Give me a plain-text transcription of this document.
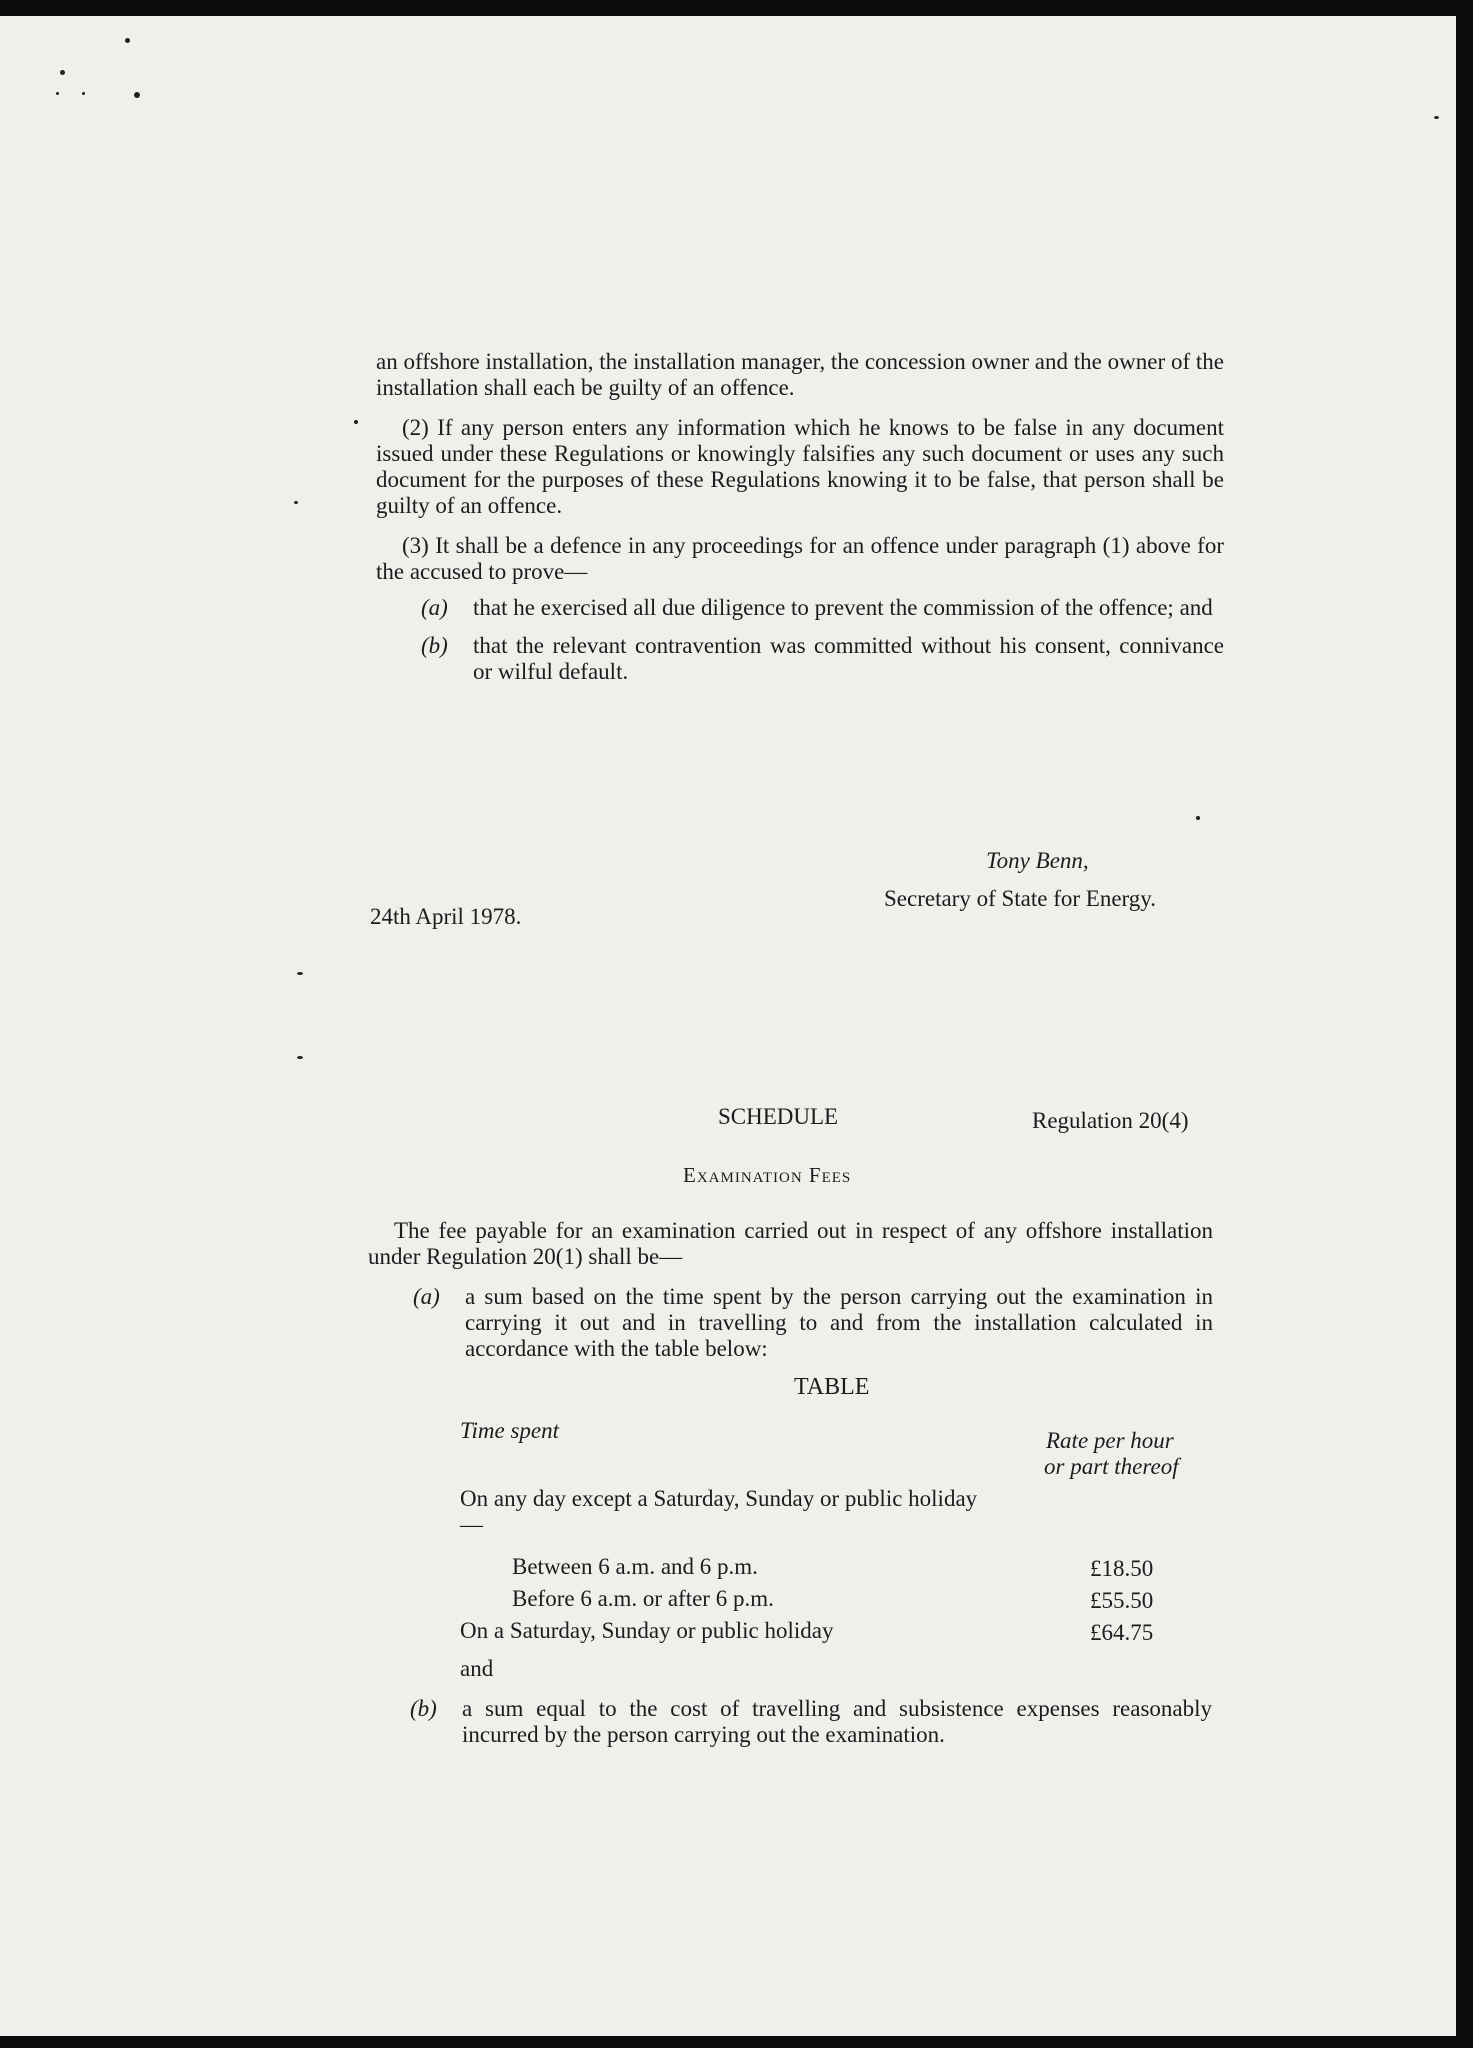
an offshore installation, the installation manager, the concession owner and the owner of the installation shall each be guilty of an offence.

(2) If any person enters any information which he knows to be false in any document issued under these Regulations or knowingly falsifies any such document or uses any such document for the purposes of these Regulations knowing it to be false, that person shall be guilty of an offence.

(3) It shall be a defence in any proceedings for an offence under paragraph (1) above for the accused to prove—

(a) that he exercised all due diligence to prevent the commission of the offence; and
(b) that the relevant contravention was committed without his consent, connivance or wilful default.
Tony Benn,
Secretary of State for Energy.
24th April 1978.
SCHEDULE	Regulation 20(4)
Examination Fees

The fee payable for an examination carried out in respect of any offshore installation under Regulation 20(1) shall be—

(a) a sum based on the time spent by the person carrying out the examination in carrying it out and in travelling to and from the installation calculated in accordance with the table below:
TABLE
Time spent	Rate per hour
or part thereof
On any day except a Saturday, Sunday or public holiday—
Between 6 a.m. and 6 p.m.	£18.50
Before 6 a.m. or after 6 p.m.	£55.50
On a Saturday, Sunday or public holiday	£64.75
and
(b) a sum equal to the cost of travelling and subsistence expenses reasonably incurred by the person carrying out the examination.
